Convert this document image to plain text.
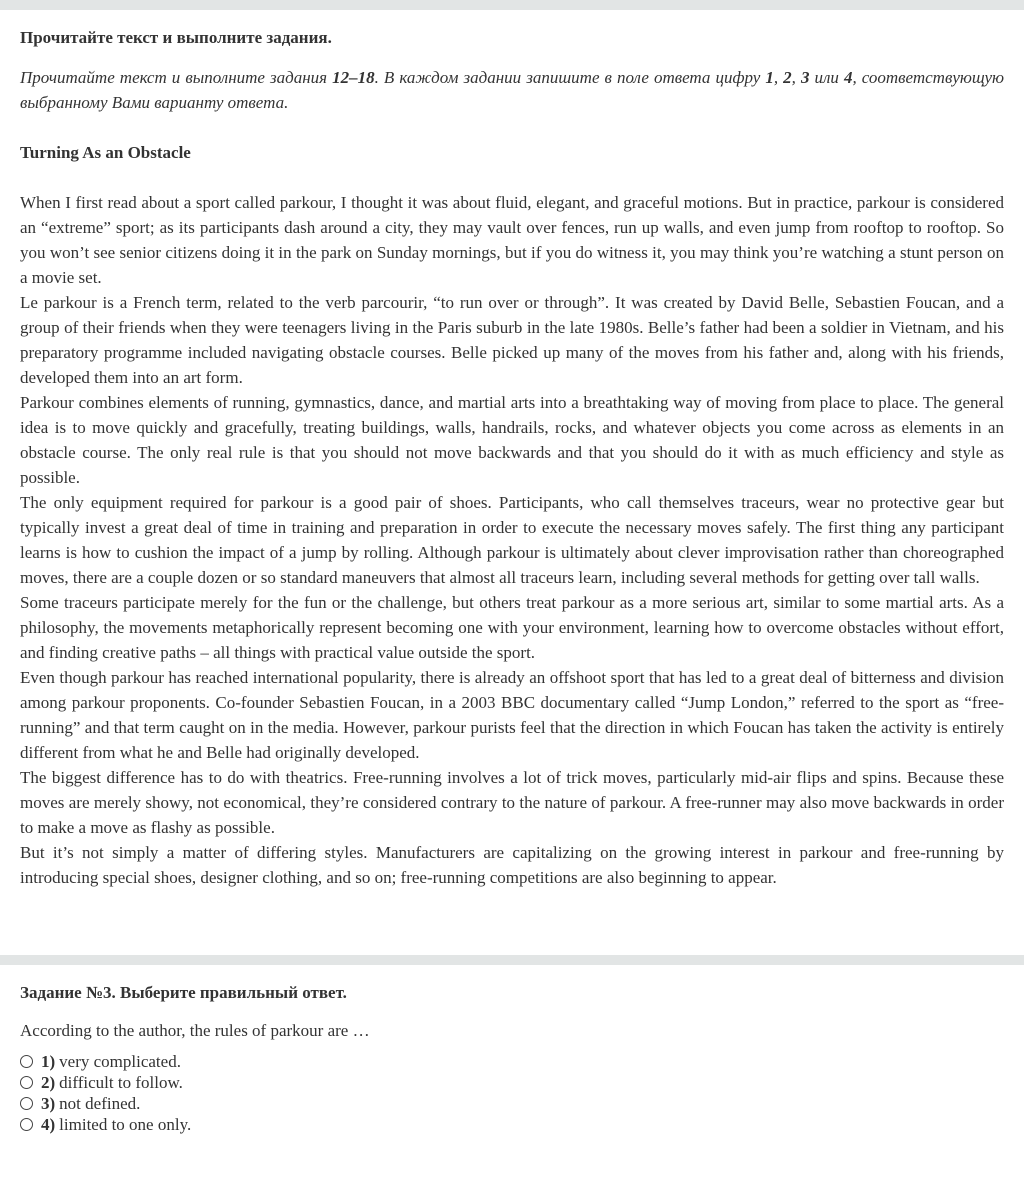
Прочитайте текст и выполните задания.
Прочитайте текст и выполните задания 12–18. В каждом задании запишите в поле ответа цифру 1, 2, 3 или 4, соответствующую выбранному Вами варианту ответа.
Turning As an Obstacle

When I first read about a sport called parkour, I thought it was about fluid, elegant, and graceful motions. But in practice, parkour is considered an “extreme” sport; as its participants dash around a city, they may vault over fences, run up walls, and even jump from rooftop to rooftop. So you won’t see senior citizens doing it in the park on Sunday mornings, but if you do witness it, you may think you’re watching a stunt person on a movie set.

Le parkour is a French term, related to the verb parcourir, “to run over or through”. It was created by David Belle, Sebastien Foucan, and a group of their friends when they were teenagers living in the Paris suburb in the late 1980s. Belle’s father had been a soldier in Vietnam, and his preparatory programme included navigating obstacle courses. Belle picked up many of the moves from his father and, along with his friends, developed them into an art form.

Parkour combines elements of running, gymnastics, dance, and martial arts into a breathtaking way of moving from place to place. The general idea is to move quickly and gracefully, treating buildings, walls, handrails, rocks, and whatever objects you come across as elements in an obstacle course. The only real rule is that you should not move backwards and that you should do it with as much efficiency and style as possible.

The only equipment required for parkour is a good pair of shoes. Participants, who call themselves traceurs, wear no protective gear but typically invest a great deal of time in training and preparation in order to execute the necessary moves safely. The first thing any participant learns is how to cushion the impact of a jump by rolling. Although parkour is ultimately about clever improvisation rather than choreographed moves, there are a couple dozen or so standard maneuvers that almost all traceurs learn, including several methods for getting over tall walls.

Some traceurs participate merely for the fun or the challenge, but others treat parkour as a more serious art, similar to some martial arts. As a philosophy, the movements metaphorically represent becoming one with your environment, learning how to overcome obstacles without effort, and finding creative paths – all things with practical value outside the sport.

Even though parkour has reached international popularity, there is already an offshoot sport that has led to a great deal of bitterness and division among parkour proponents. Co-founder Sebastien Foucan, in a 2003 BBC documentary called “Jump London,” referred to the sport as “free-running” and that term caught on in the media. However, parkour purists feel that the direction in which Foucan has taken the activity is entirely different from what he and Belle had originally developed.

The biggest difference has to do with theatrics. Free-running involves a lot of trick moves, particularly mid-air flips and spins. Because these moves are merely showy, not economical, they’re considered contrary to the nature of parkour. A free-runner may also move backwards in order to make a move as flashy as possible.

But it’s not simply a matter of differing styles. Manufacturers are capitalizing on the growing interest in parkour and free-running by introducing special shoes, designer clothing, and so on; free-running competitions are also beginning to appear.

Задание №3. Выберите правильный ответ.
According to the author, the rules of parkour are …
1) very complicated.
2) difficult to follow.
3) not defined.
4) limited to one only.
